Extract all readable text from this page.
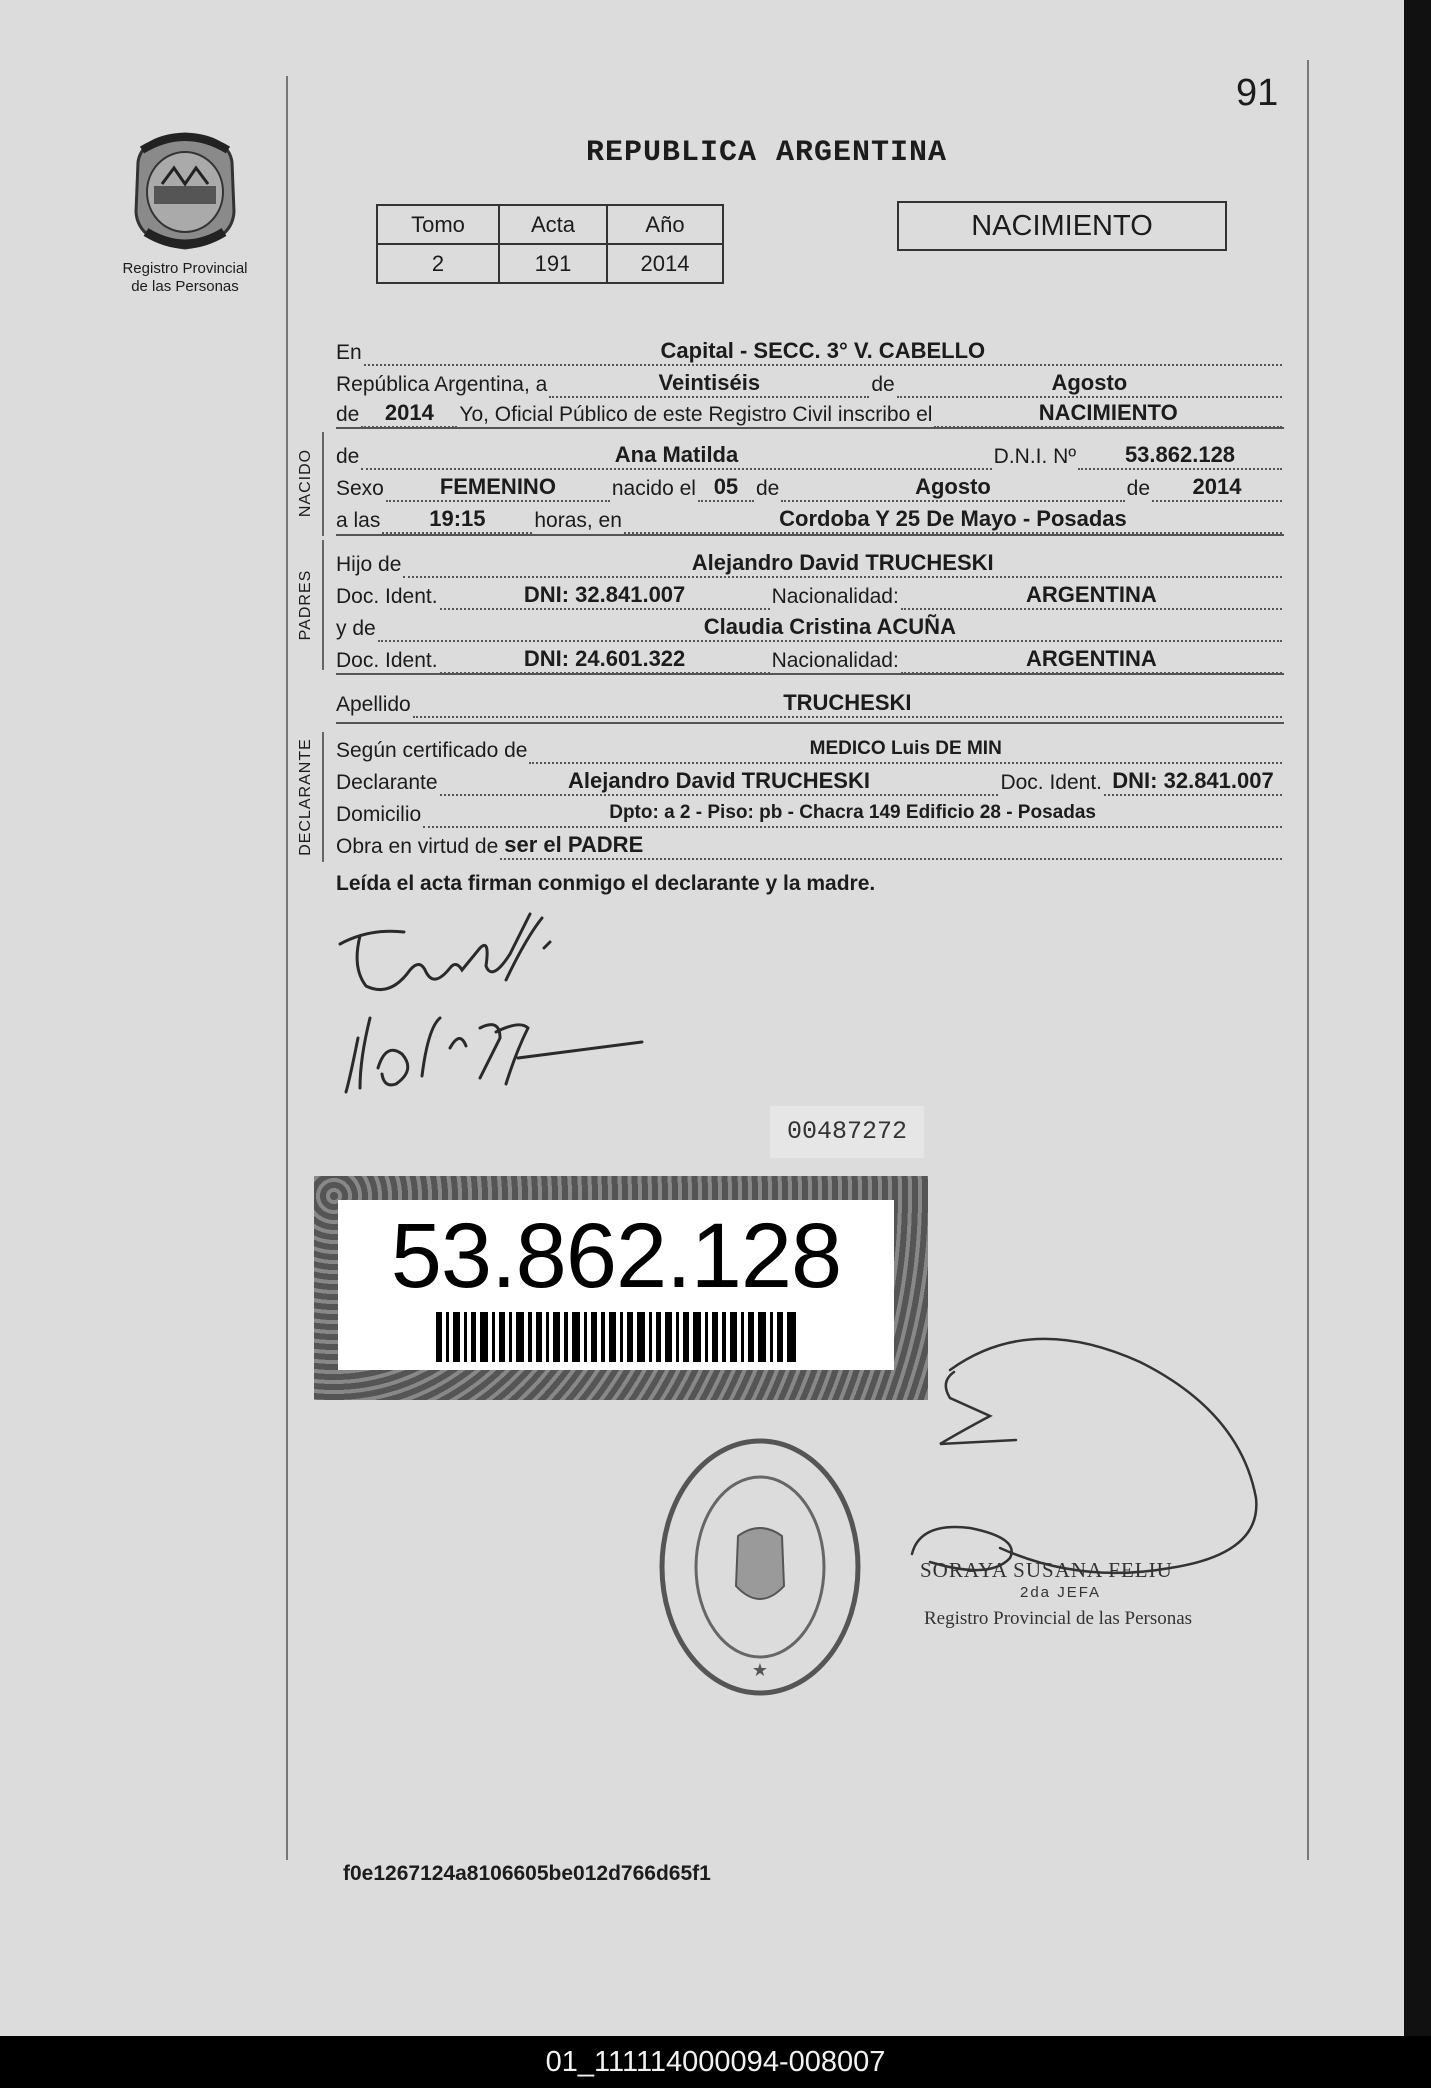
91
Registro Provincial
de las Personas
REPUBLICA ARGENTINA
Tomo	Acta	Año
2	191	2014
NACIMIENTO
En	Capital - SECC. 3° V. CABELLO
República Argentina, a	Veintiséis	de	Agosto
de	2014	Yo, Oficial Público de este Registro Civil inscribo el	NACIMIENTO
NACIDO de	Ana Matilda	D.N.I. Nº	53.862.128
Sexo	FEMENINO	nacido el 05 de	Agosto	de	2014
a las	19:15	horas, en	Cordoba Y 25 De Mayo - Posadas
PADRES
Hijo de	Alejandro David TRUCHESKI
Doc. Ident.	DNI: 32.841.007	Nacionalidad:	ARGENTINA
y de	Claudia Cristina ACUÑA
Doc. Ident.	DNI: 24.601.322	Nacionalidad:	ARGENTINA
Apellido	TRUCHESKI
DECLARANTE Según certificado de	MEDICO Luis DE MIN
Declarante	Alejandro David TRUCHESKI	Doc. Ident. DNI: 32.841.007
Domicilio	Dpto: a 2 - Piso: pb - Chacra 149 Edificio 28 - Posadas
Obra en virtud de ser el PADRE
Leída el acta firman conmigo el declarante y la madre.
00487272
53.862.128
★
SORAYA SUSANA FELIU
2da JEFA
Registro Provincial de las Personas
f0e1267124a8106605be012d766d65f1
01_111114000094-008007
